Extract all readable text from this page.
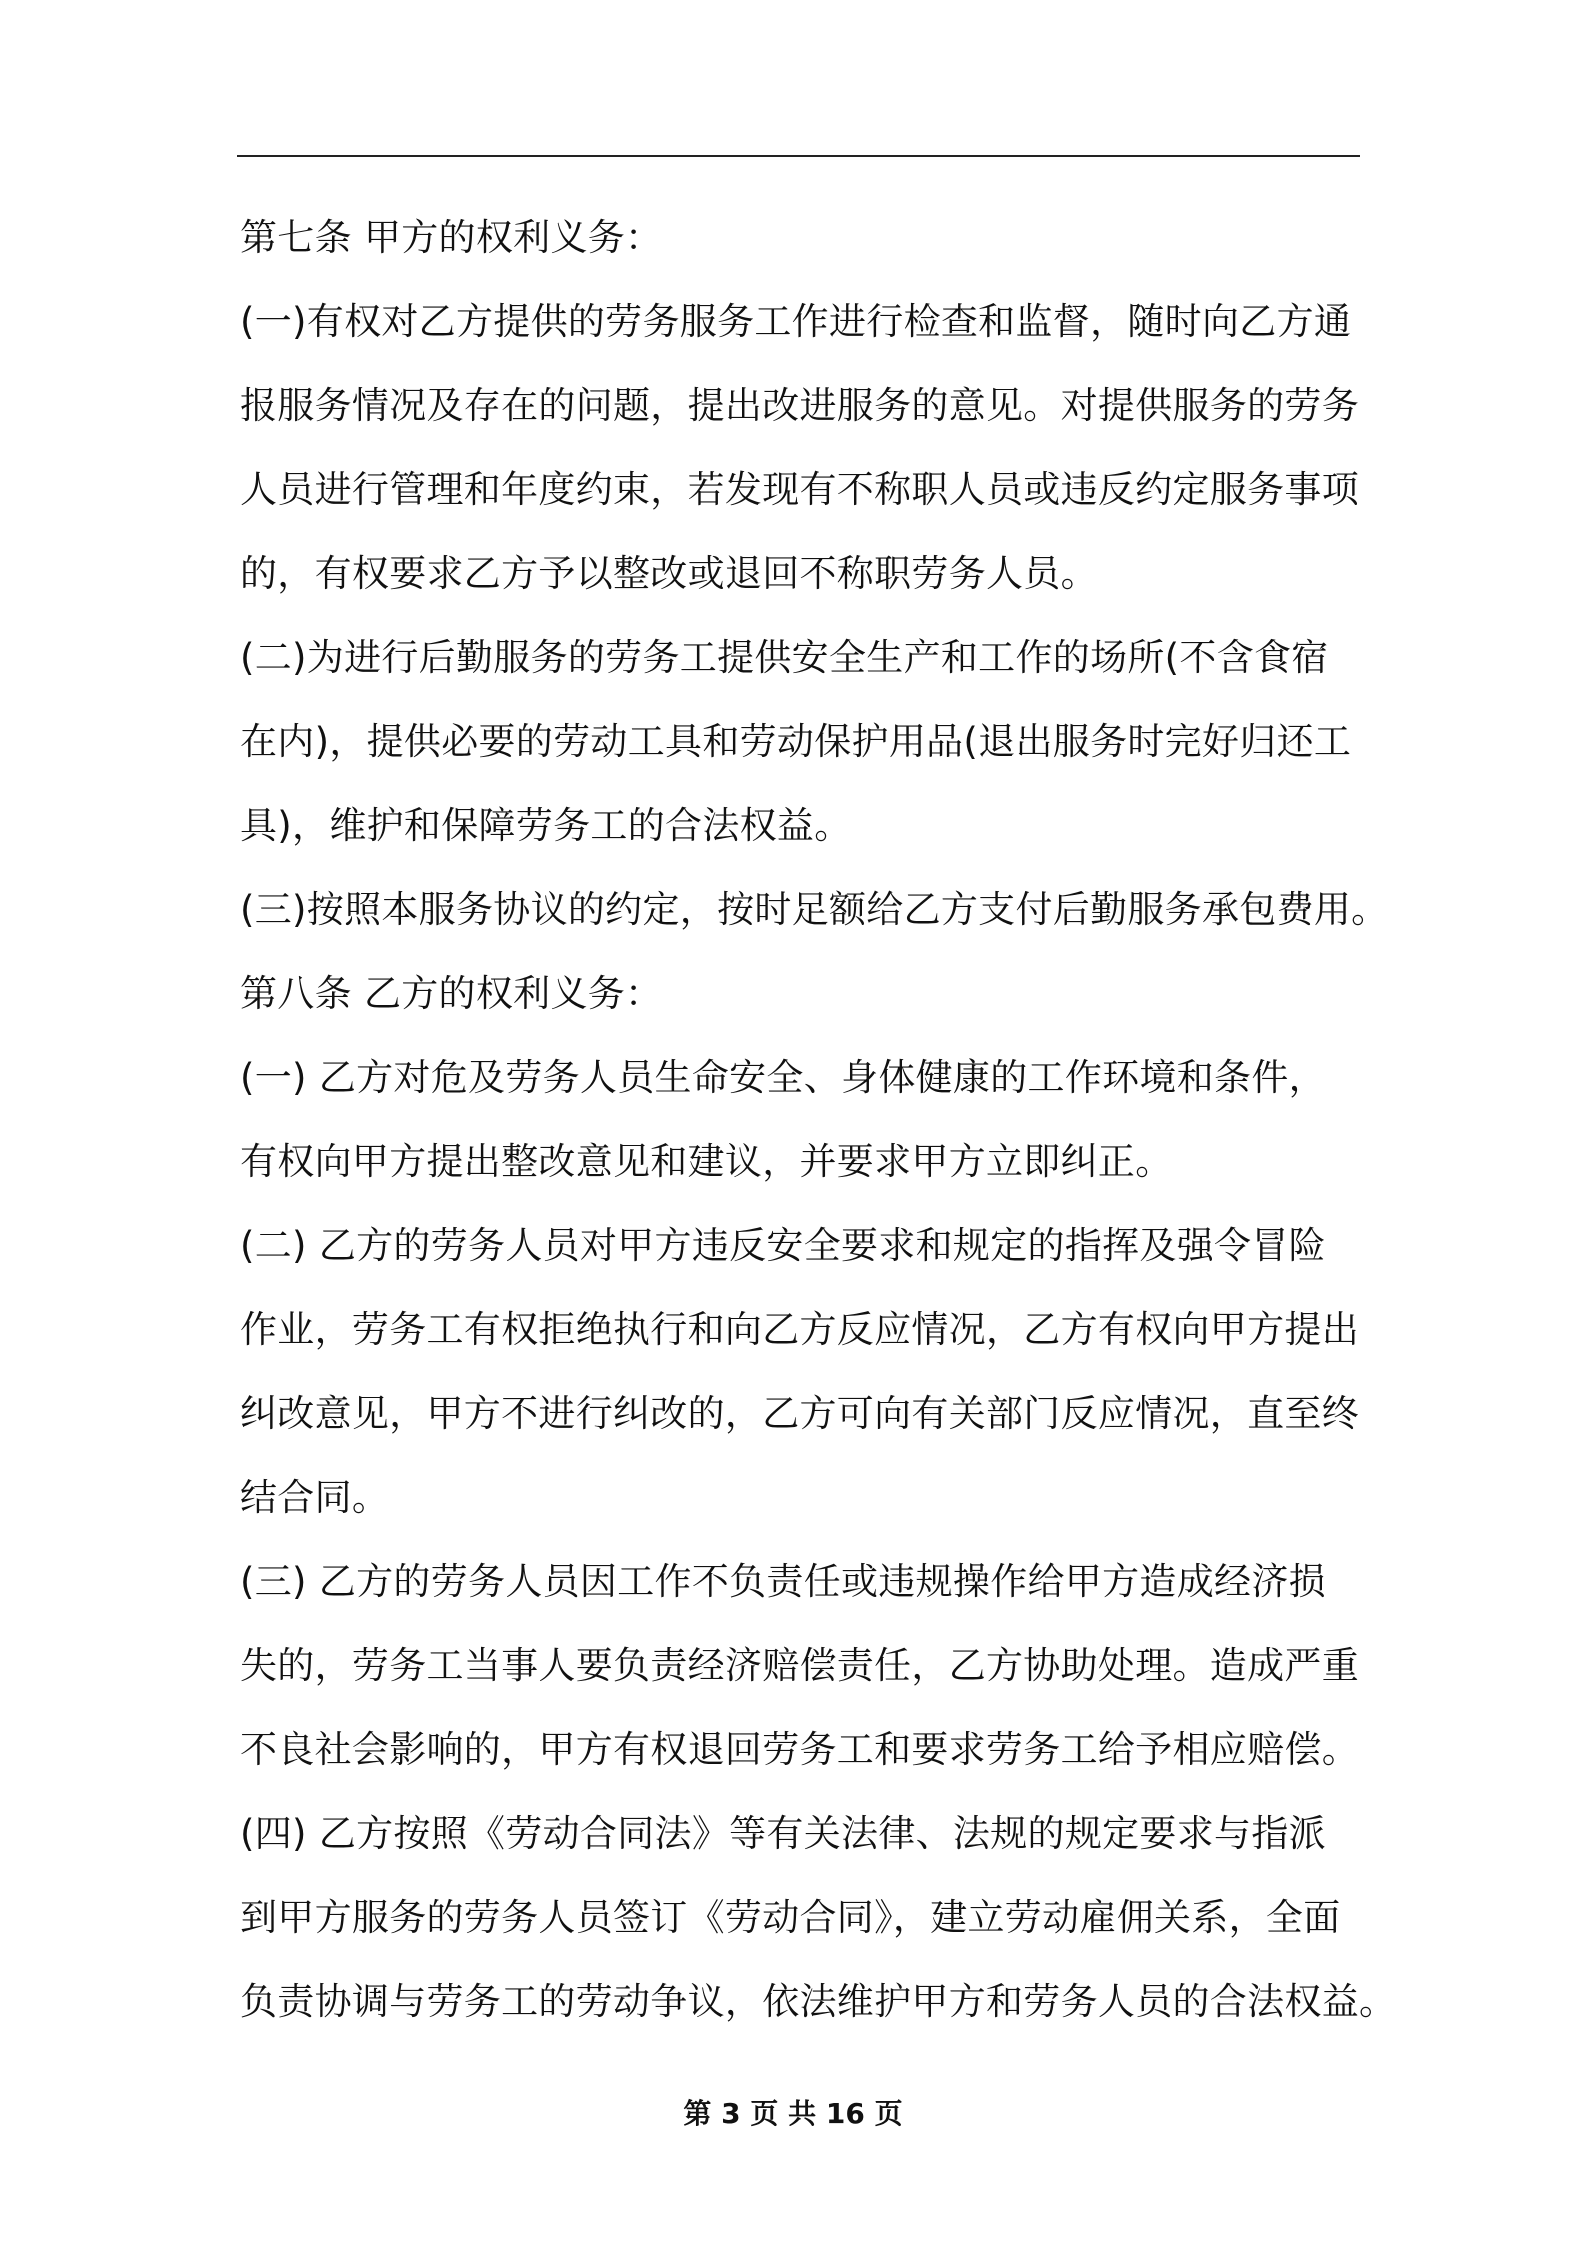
第七条 甲方的权利义务：
(一)有权对乙方提供的劳务服务工作进行检查和监督，随时向乙方通
报服务情况及存在的问题，提出改进服务的意见。对提供服务的劳务
人员进行管理和年度约束，若发现有不称职人员或违反约定服务事项
的，有权要求乙方予以整改或退回不称职劳务人员。
(二)为进行后勤服务的劳务工提供安全生产和工作的场所(不含食宿
在内)，提供必要的劳动工具和劳动保护用品(退出服务时完好归还工
具)，维护和保障劳务工的合法权益。
(三)按照本服务协议的约定，按时足额给乙方支付后勤服务承包费用。
第八条 乙方的权利义务：
(一) 乙方对危及劳务人员生命安全、身体健康的工作环境和条件，
有权向甲方提出整改意见和建议，并要求甲方立即纠正。
(二) 乙方的劳务人员对甲方违反安全要求和规定的指挥及强令冒险
作业，劳务工有权拒绝执行和向乙方反应情况，乙方有权向甲方提出
纠改意见，甲方不进行纠改的，乙方可向有关部门反应情况，直至终
结合同。
(三) 乙方的劳务人员因工作不负责任或违规操作给甲方造成经济损
失的，劳务工当事人要负责经济赔偿责任，乙方协助处理。造成严重
不良社会影响的，甲方有权退回劳务工和要求劳务工给予相应赔偿。
(四) 乙方按照《劳动合同法》等有关法律、法规的规定要求与指派
到甲方服务的劳务人员签订《劳动合同》，建立劳动雇佣关系，全面
负责协调与劳务工的劳动争议，依法维护甲方和劳务人员的合法权益。
第 3 页 共 16 页
